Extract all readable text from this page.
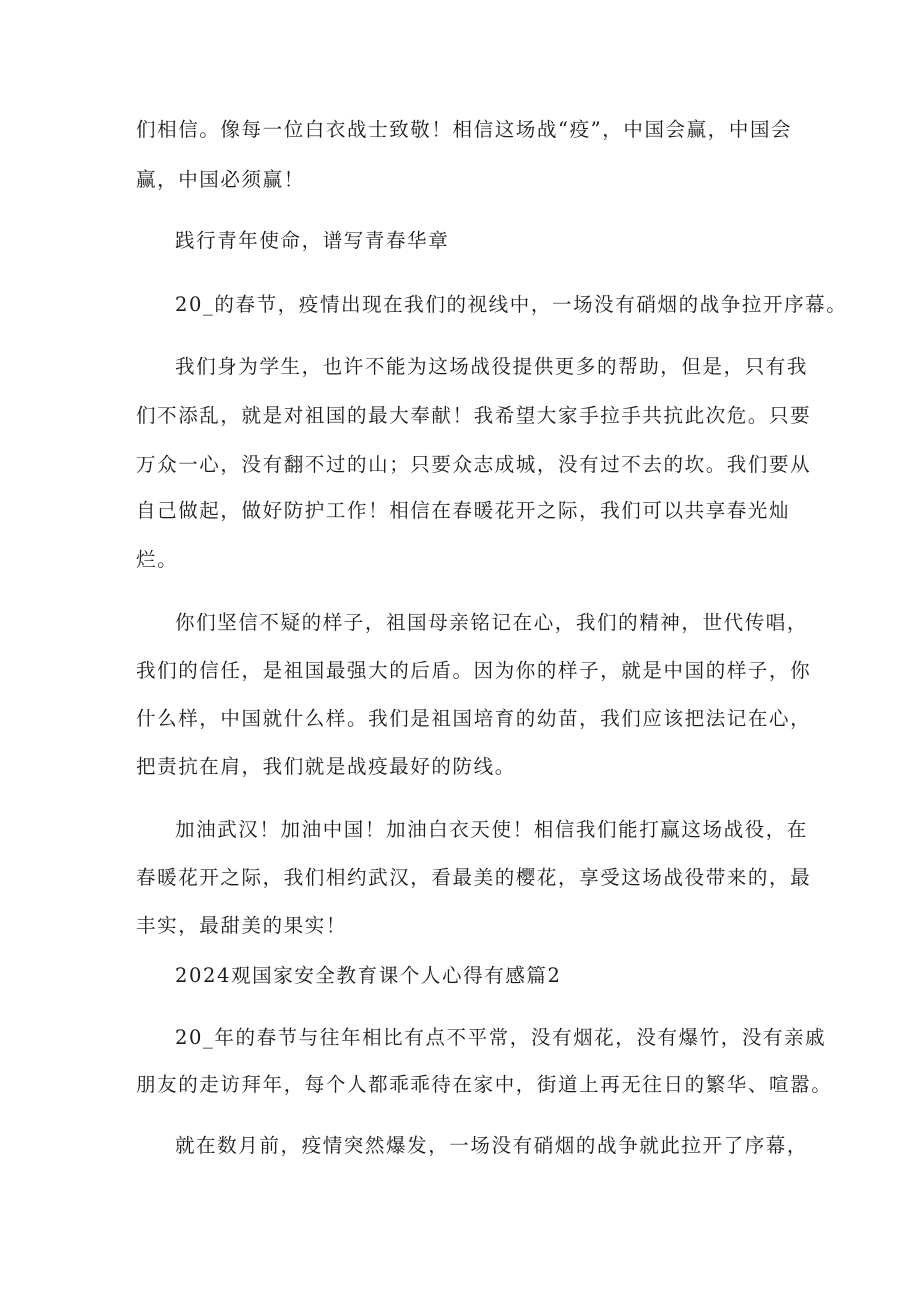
们相信。像每一位白衣战士致敬！相信这场战“疫”，中国会赢，中国会
赢，中国必须赢！
践行青年使命，谱写青春华章
20_的春节，疫情出现在我们的视线中，一场没有硝烟的战争拉开序幕。
我们身为学生，也许不能为这场战役提供更多的帮助，但是，只有我
们不添乱，就是对祖国的最大奉献！我希望大家手拉手共抗此次危。只要
万众一心，没有翻不过的山；只要众志成城，没有过不去的坎。我们要从
自己做起，做好防护工作！相信在春暖花开之际，我们可以共享春光灿
烂。
你们坚信不疑的样子，祖国母亲铭记在心，我们的精神，世代传唱，
我们的信任，是祖国最强大的后盾。因为你的样子，就是中国的样子，你
什么样，中国就什么样。我们是祖国培育的幼苗，我们应该把法记在心，
把责抗在肩，我们就是战疫最好的防线。
加油武汉！加油中国！加油白衣天使！相信我们能打赢这场战役，在
春暖花开之际，我们相约武汉，看最美的樱花，享受这场战役带来的，最
丰实，最甜美的果实！
2024观国家安全教育课个人心得有感篇2
20_年的春节与往年相比有点不平常，没有烟花，没有爆竹，没有亲戚
朋友的走访拜年，每个人都乖乖待在家中，街道上再无往日的繁华、喧嚣。
就在数月前，疫情突然爆发，一场没有硝烟的战争就此拉开了序幕，
